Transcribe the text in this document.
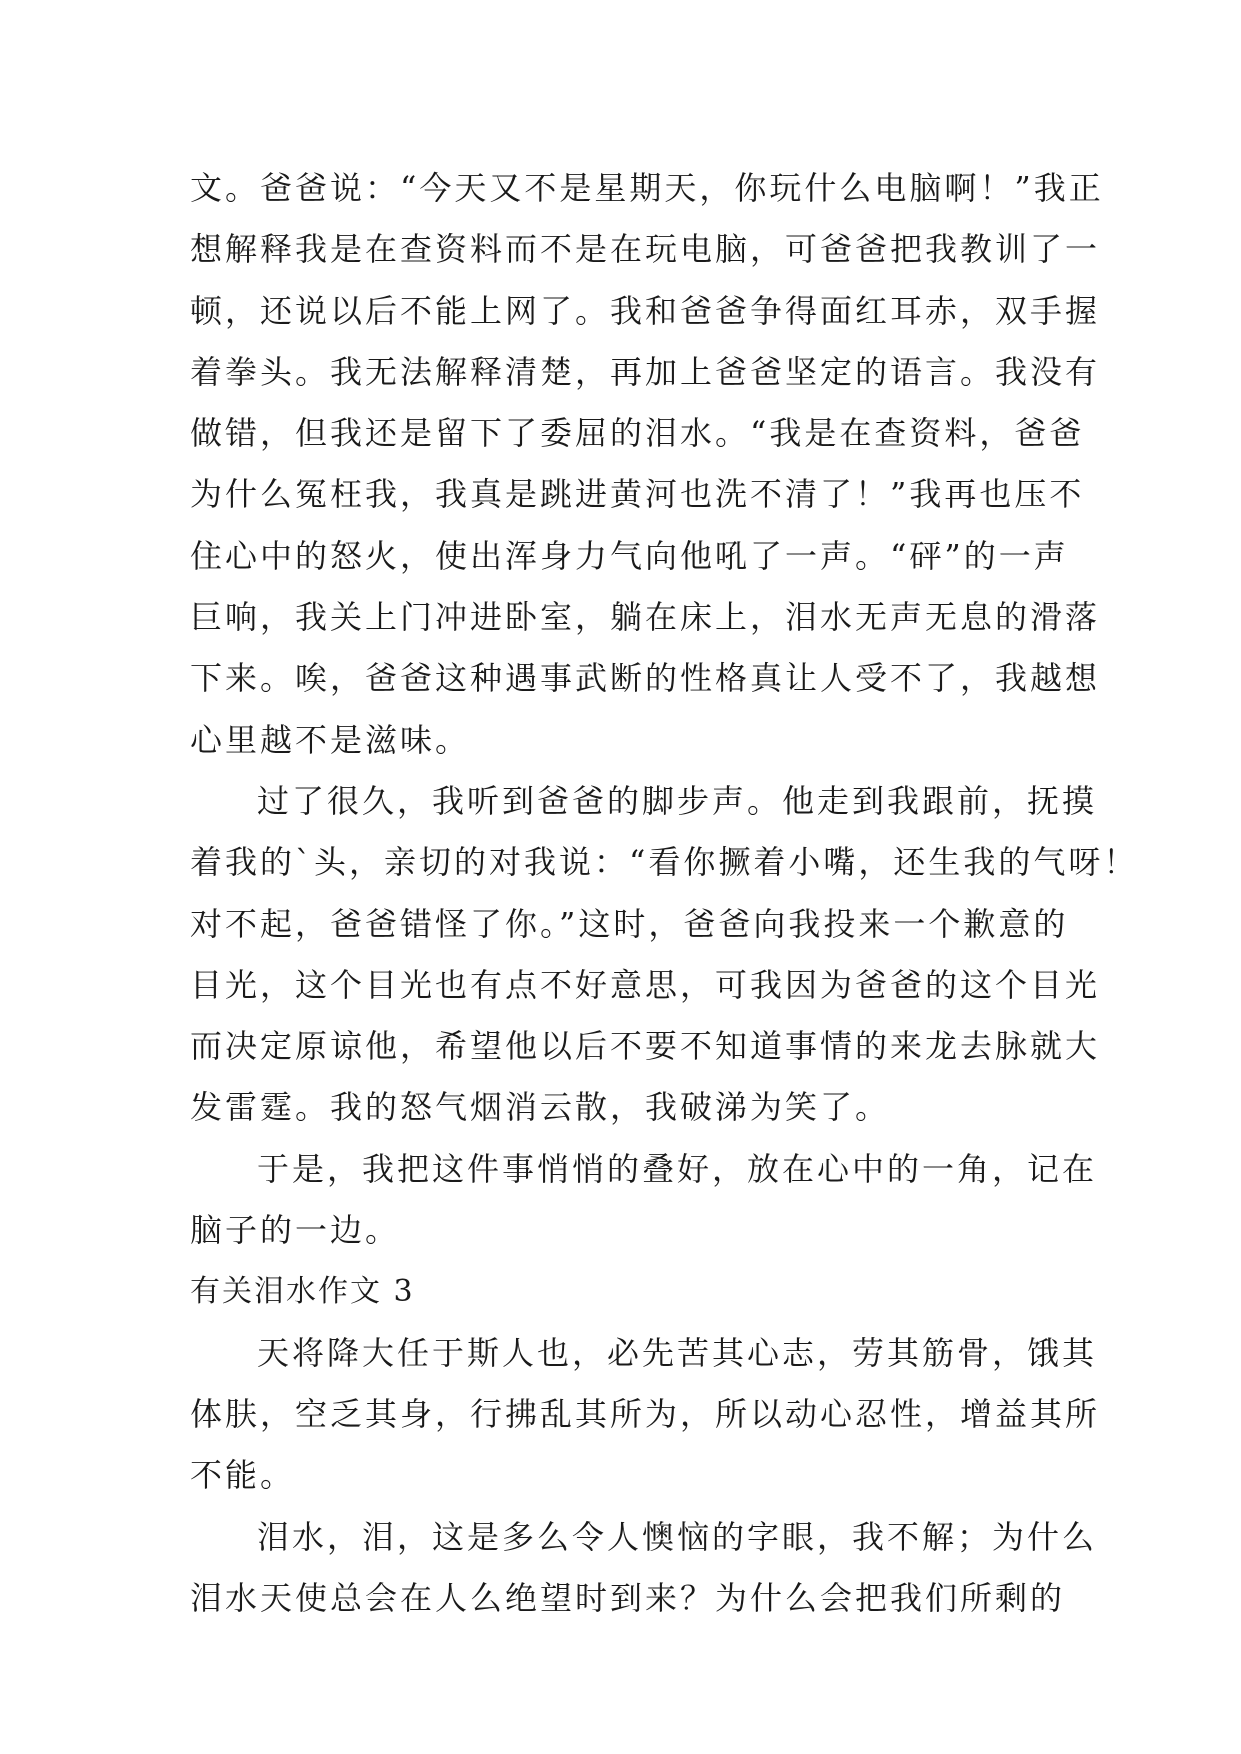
文。爸爸说：“今天又不是星期天，你玩什么电脑啊！”我正
想解释我是在查资料而不是在玩电脑，可爸爸把我教训了一
顿，还说以后不能上网了。我和爸爸争得面红耳赤，双手握
着拳头。我无法解释清楚，再加上爸爸坚定的语言。我没有
做错，但我还是留下了委屈的泪水。“我是在查资料，爸爸
为什么冤枉我，我真是跳进黄河也洗不清了！”我再也压不
住心中的怒火，使出浑身力气向他吼了一声。“砰”的一声
巨响，我关上门冲进卧室，躺在床上，泪水无声无息的滑落
下来。唉，爸爸这种遇事武断的性格真让人受不了，我越想
心里越不是滋味。
过了很久，我听到爸爸的脚步声。他走到我跟前，抚摸
着我的`头，亲切的对我说：“看你撅着小嘴，还生我的气呀！
对不起，爸爸错怪了你。”这时，爸爸向我投来一个歉意的
目光，这个目光也有点不好意思，可我因为爸爸的这个目光
而决定原谅他，希望他以后不要不知道事情的来龙去脉就大
发雷霆。我的怒气烟消云散，我破涕为笑了。
于是，我把这件事悄悄的叠好，放在心中的一角，记在
脑子的一边。
有关泪水作文 3
天将降大任于斯人也，必先苦其心志，劳其筋骨，饿其
体肤，空乏其身，行拂乱其所为，所以动心忍性，增益其所
不能。
泪水，泪，这是多么令人懊恼的字眼，我不解；为什么
泪水天使总会在人么绝望时到来？为什么会把我们所剩的
